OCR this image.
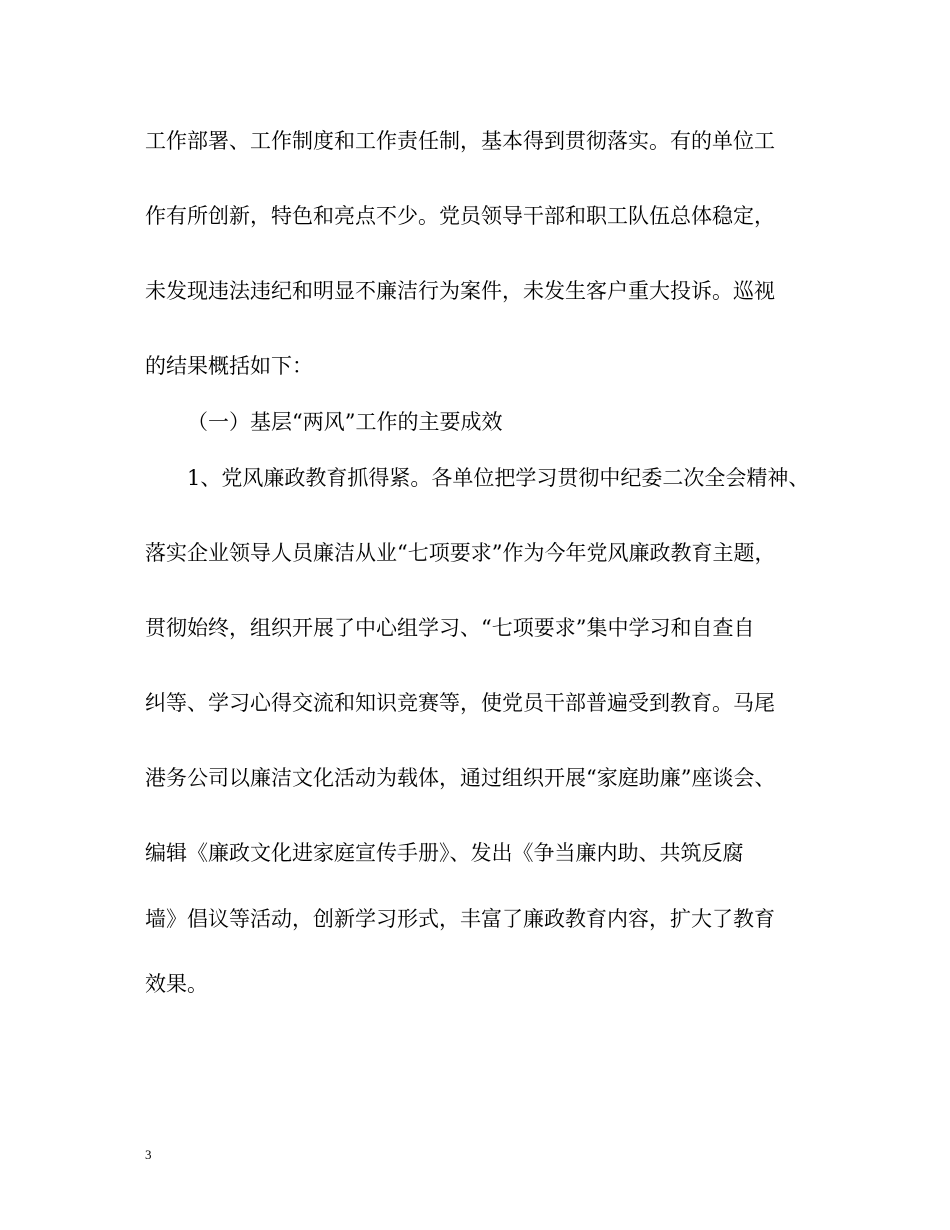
工作部署、工作制度和工作责任制，基本得到贯彻落实。有的单位工

作有所创新，特色和亮点不少。党员领导干部和职工队伍总体稳定，

未发现违法违纪和明显不廉洁行为案件，未发生客户重大投诉。巡视

的结果概括如下：

（一）基层“两风”工作的主要成效

1、党风廉政教育抓得紧。各单位把学习贯彻中纪委二次全会精神、

落实企业领导人员廉洁从业“七项要求”作为今年党风廉政教育主题，

贯彻始终，组织开展了中心组学习、“七项要求”集中学习和自查自

纠等、学习心得交流和知识竞赛等，使党员干部普遍受到教育。马尾

港务公司以廉洁文化活动为载体，通过组织开展“家庭助廉”座谈会、

编辑《廉政文化进家庭宣传手册》、发出《争当廉内助、共筑反腐

墙》倡议等活动，创新学习形式，丰富了廉政教育内容，扩大了教育

效果。

3
